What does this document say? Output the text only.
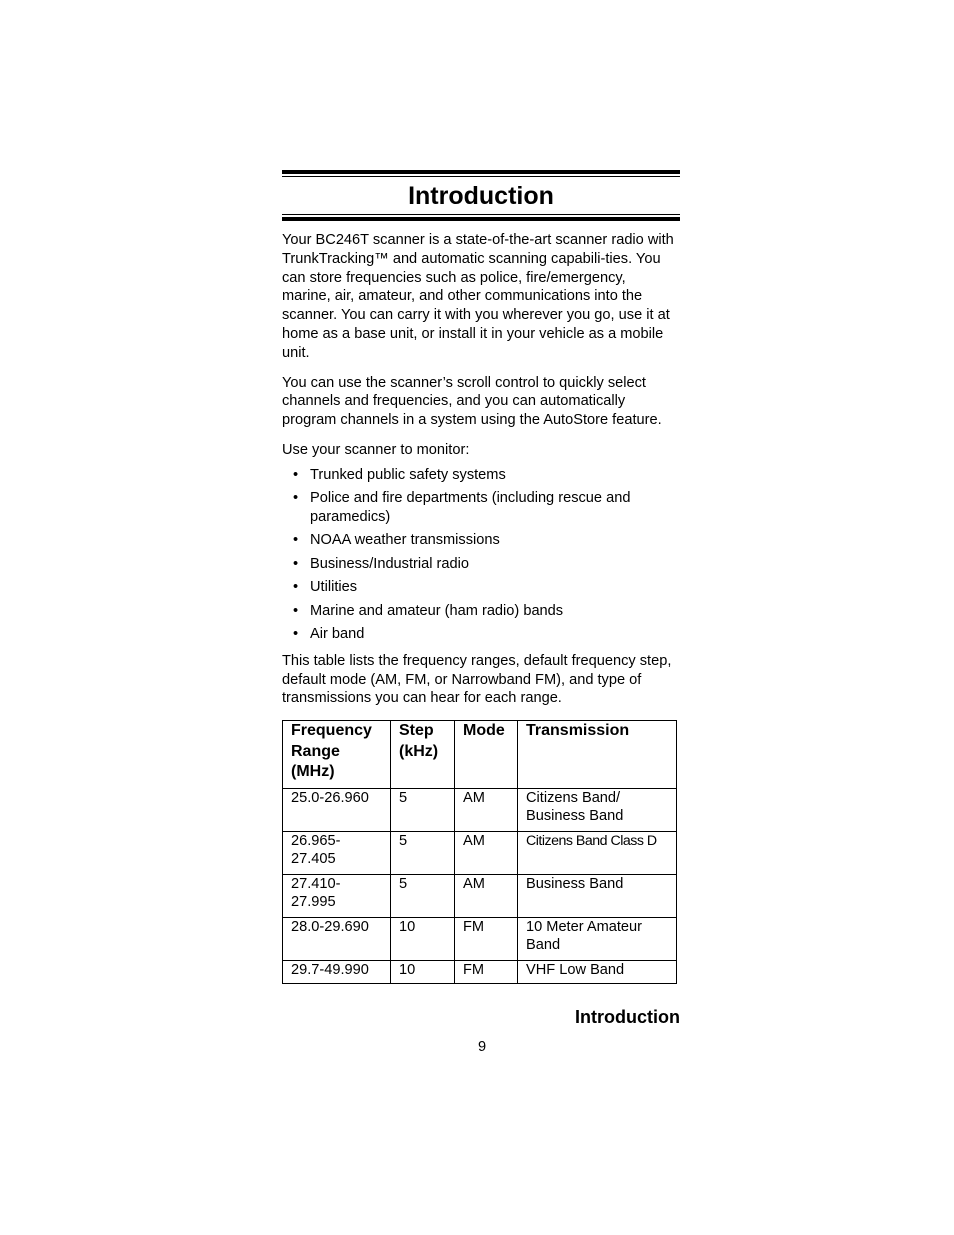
Introduction

Your BC246T scanner is a state-of-the-art scanner radio with TrunkTracking™ and automatic scanning capabili-ties. You can store frequencies such as police, fire/emergency, marine, air, amateur, and other communications into the scanner. You can carry it with you wherever you go, use it at home as a base unit, or install it in your vehicle as a mobile unit.

You can use the scanner’s scroll control to quickly select channels and frequencies, and you can automatically program channels in a system using the AutoStore feature.

Use your scanner to monitor:

• Trunked public safety systems
• Police and fire departments (including rescue and paramedics)
• NOAA weather transmissions
• Business/Industrial radio
• Utilities
• Marine and amateur (ham radio) bands
• Air band

This table lists the frequency ranges, default frequency step, default mode (AM, FM, or Narrowband FM), and type of transmissions you can hear for each range.

Frequency Range (MHz)	Step (kHz)	Mode	Transmission
25.0-26.960	5	AM	Citizens Band/ Business Band
26.965-27.405	5	AM	Citizens Band Class D
27.410-27.995	5	AM	Business Band
28.0-29.690	10	FM	10 Meter Amateur Band
29.7-49.990	10	FM	VHF Low Band
Introduction
9
